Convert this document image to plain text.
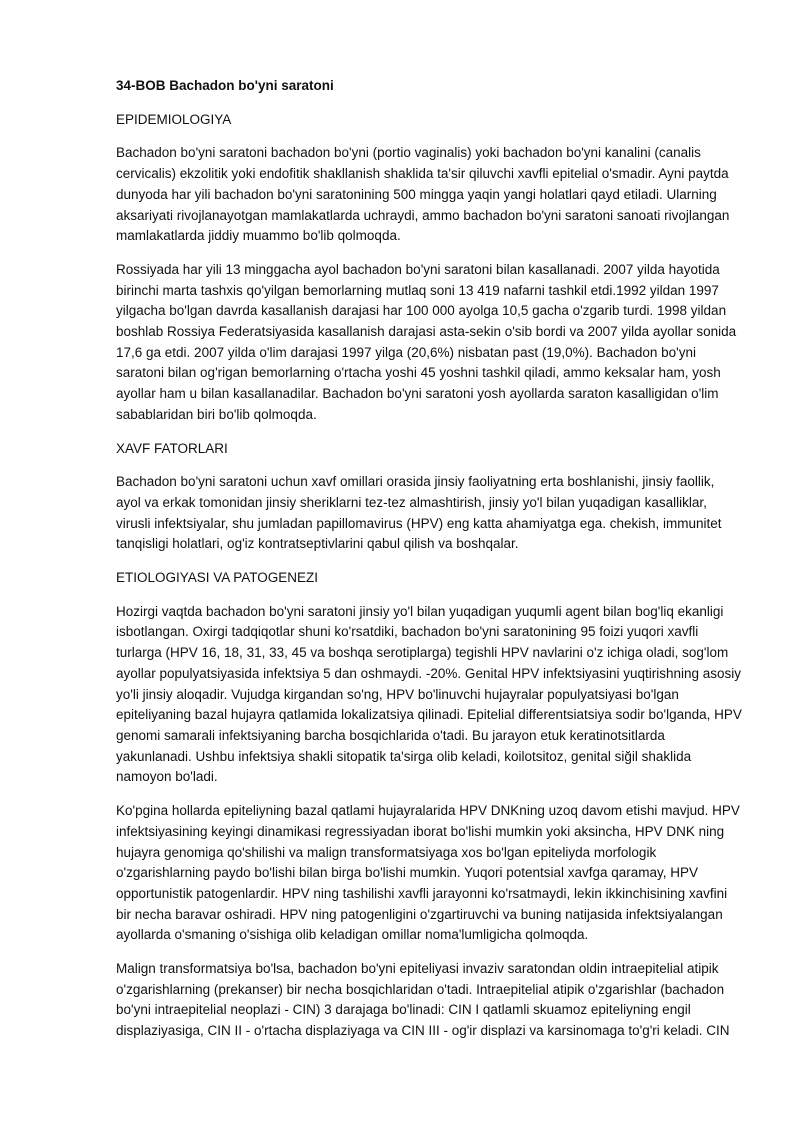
34-BOB Bachadon bo'yni saratoni

EPIDEMIOLOGIYA

Bachadon bo'yni saratoni bachadon bo'yni (portio vaginalis) yoki bachadon bo'yni kanalini (canalis cervicalis) ekzolitik yoki endofitik shakllanish shaklida ta'sir qiluvchi xavfli epitelial o'smadir. Ayni paytda dunyoda har yili bachadon bo'yni saratonining 500 mingga yaqin yangi holatlari qayd etiladi. Ularning aksariyati rivojlanayotgan mamlakatlarda uchraydi, ammo bachadon bo'yni saratoni sanoati rivojlangan mamlakatlarda jiddiy muammo bo'lib qolmoqda.

Rossiyada har yili 13 minggacha ayol bachadon bo'yni saratoni bilan kasallanadi. 2007 yilda hayotida birinchi marta tashxis qo'yilgan bemorlarning mutlaq soni 13 419 nafarni tashkil etdi.1992 yildan 1997 yilgacha bo'lgan davrda kasallanish darajasi har 100 000 ayolga 10,5 gacha o'zgarib turdi. 1998 yildan boshlab Rossiya Federatsiyasida kasallanish darajasi asta-sekin o'sib bordi va 2007 yilda ayollar sonida 17,6 ga etdi. 2007 yilda o'lim darajasi 1997 yilga (20,6%) nisbatan past (19,0%). Bachadon bo'yni saratoni bilan og'rigan bemorlarning o'rtacha yoshi 45 yoshni tashkil qiladi, ammo keksalar ham, yosh ayollar ham u bilan kasallanadilar. Bachadon bo'yni saratoni yosh ayollarda saraton kasalligidan o'lim sabablaridan biri bo'lib qolmoqda.

XAVF FATORLARI

Bachadon bo'yni saratoni uchun xavf omillari orasida jinsiy faoliyatning erta boshlanishi, jinsiy faollik, ayol va erkak tomonidan jinsiy sheriklarni tez-tez almashtirish, jinsiy yo'l bilan yuqadigan kasalliklar, virusli infektsiyalar, shu jumladan papillomavirus (HPV) eng katta ahamiyatga ega. chekish, immunitet tanqisligi holatlari, og'iz kontratseptivlarini qabul qilish va boshqalar.

ETIOLOGIYASI VA PATOGENEZI

Hozirgi vaqtda bachadon bo'yni saratoni jinsiy yo'l bilan yuqadigan yuqumli agent bilan bog'liq ekanligi isbotlangan. Oxirgi tadqiqotlar shuni ko'rsatdiki, bachadon bo'yni saratonining 95 foizi yuqori xavfli turlarga (HPV 16, 18, 31, 33, 45 va boshqa serotiplarga) tegishli HPV navlarini o'z ichiga oladi, sog'lom ayollar populyatsiyasida infektsiya 5 dan oshmaydi. -20%. Genital HPV infektsiyasini yuqtirishning asosiy yo'li jinsiy aloqadir. Vujudga kirgandan so'ng, HPV bo'linuvchi hujayralar populyatsiyasi bo'lgan epiteliyaning bazal hujayra qatlamida lokalizatsiya qilinadi. Epitelial differentsiatsiya sodir bo'lganda, HPV genomi samarali infektsiyaning barcha bosqichlarida o'tadi. Bu jarayon etuk keratinotsitlarda yakunlanadi. Ushbu infektsiya shakli sitopatik ta'sirga olib keladi, koilotsitoz, genital siğil shaklida namoyon bo'ladi.

Ko'pgina hollarda epiteliyning bazal qatlami hujayralarida HPV DNKning uzoq davom etishi mavjud. HPV infektsiyasining keyingi dinamikasi regressiyadan iborat bo'lishi mumkin yoki aksincha, HPV DNK ning hujayra genomiga qo'shilishi va malign transformatsiyaga xos bo'lgan epiteliyda morfologik o'zgarishlarning paydo bo'lishi bilan birga bo'lishi mumkin. Yuqori potentsial xavfga qaramay, HPV opportunistik patogenlardir. HPV ning tashilishi xavfli jarayonni ko'rsatmaydi, lekin ikkinchisining xavfini bir necha baravar oshiradi. HPV ning patogenligini o'zgartiruvchi va buning natijasida infektsiyalangan ayollarda o'smaning o'sishiga olib keladigan omillar noma'lumligicha qolmoqda.

Malign transformatsiya bo'lsa, bachadon bo'yni epiteliyasi invaziv saratondan oldin intraepitelial atipik o'zgarishlarning (prekanser) bir necha bosqichlaridan o'tadi. Intraepitelial atipik o'zgarishlar (bachadon bo'yni intraepitelial neoplazi - CIN) 3 darajaga bo'linadi: CIN I qatlamli skuamoz epiteliyning engil displaziyasiga, CIN II - o'rtacha displaziyaga va CIN III - og'ir displazi va karsinomaga to'g'ri keladi. CIN
